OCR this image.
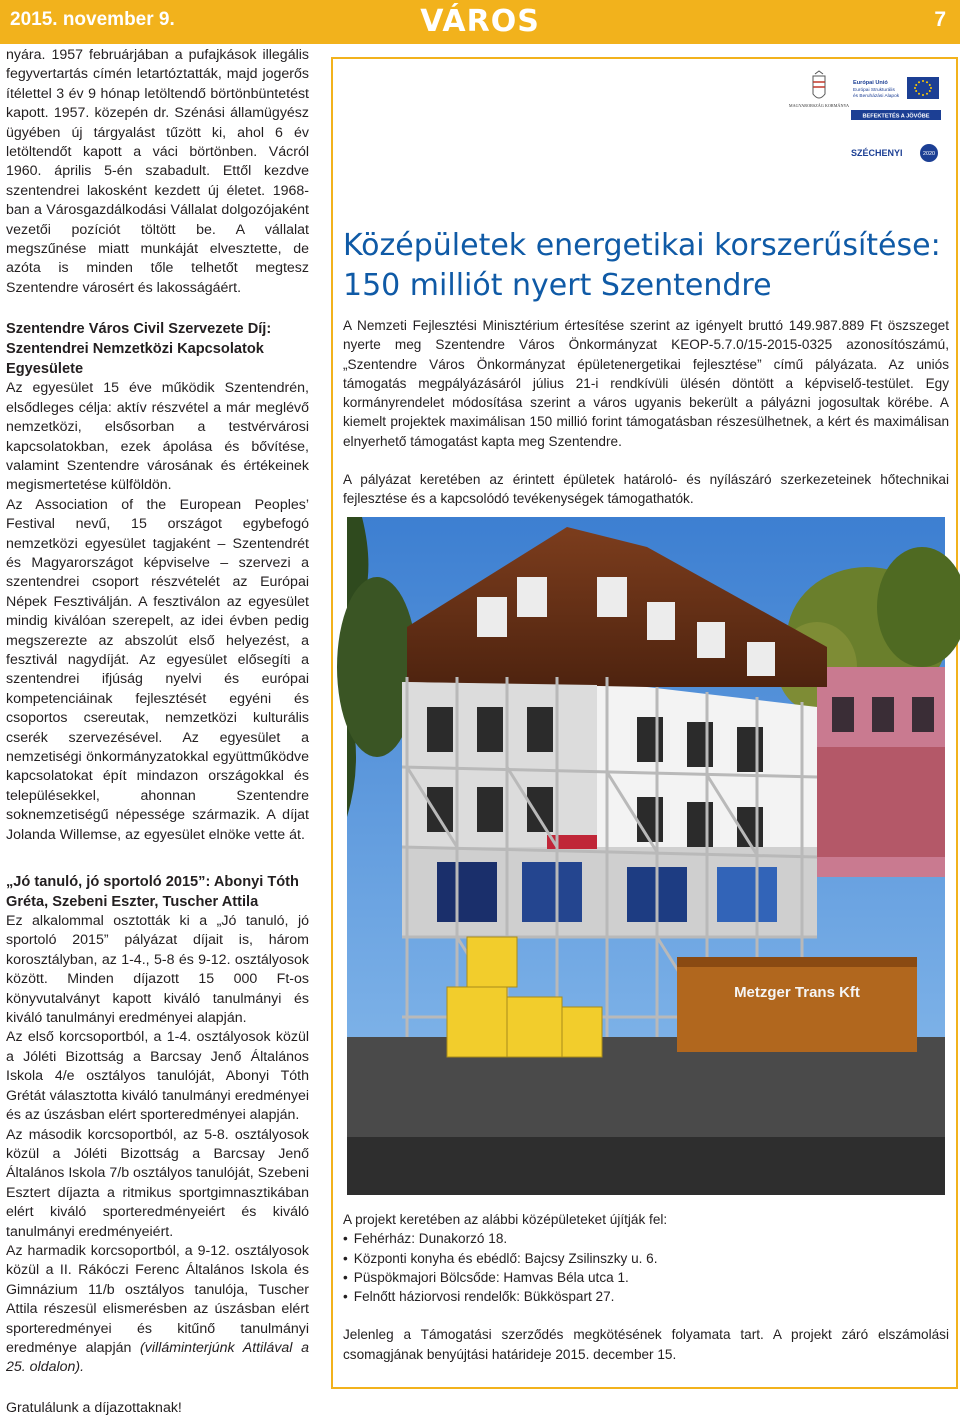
2015. november 9.	VÁROS	7

nyára. 1957 februárjában a pufajkások illegális fegyvertartás címén letartóztatták, majd jogerős ítélettel 3 év 9 hónap letöltendő börtönbüntetést kapott. 1957. közepén dr. Szénási államügyész ügyében új tárgyalást tűzött ki, ahol 6 év letöltendőt kapott a váci börtönben. Vácról 1960. április 5-én szabadult. Ettől kezdve szentendrei lakosként kezdett új életet. 1968-ban a Városgazdálkodási Vállalat dolgozójaként vezetői pozíciót töltött be. A vállalat megszűnése miatt munkáját elvesztette, de azóta is minden tőle telhetőt megtesz Szentendre városért és lakosságáért.

Szentendre Város Civil Szervezete Díj: Szentendrei Nemzetközi Kapcsolatok Egyesülete

Az egyesület 15 éve működik Szentendrén, elsődleges célja: aktív részvétel a már meglévő nemzetközi, elsősorban a testvérvárosi kapcsolatokban, ezek ápolása és bővítése, valamint Szentendre városának és értékeinek megismertetése külföldön.

Az Association of the European Peoples’ Festival nevű, 15 országot egybefogó nemzetközi egyesület tagjaként – Szentendrét és Magyarországot képviselve – szervezi a szentendrei csoport részvételét az Európai Népek Fesztiválján. A fesztiválon az egyesület mindig kiválóan szerepelt, az idei évben pedig megszerezte az abszolút első helyezést, a fesztivál nagydíját. Az egyesület elősegíti a szentendrei ifjúság nyelvi és európai kompetenciáinak fejlesztését egyéni és csoportos csereutak, nemzetközi kulturális cserék szervezésével. Az egyesület a nemzetiségi önkormányzatokkal együttműködve kapcsolatokat épít mindazon országokkal és településekkel, ahonnan Szentendre soknemzetiségű népessége származik. A díjat Jolanda Willemse, az egyesület elnöke vette át.

„Jó tanuló, jó sportoló 2015”: Abonyi Tóth Gréta, Szebeni Eszter, Tuscher Attila

Ez alkalommal osztották ki a „Jó tanuló, jó sportoló 2015” pályázat díjait is, három korosztályban, az 1-4., 5-8 és 9-12. osztályosok között. Minden díjazott 15 000 Ft-os könyvutalványt kapott kiváló tanulmányi és kiváló tanulmányi eredményei alapján.

Az első korcsoportból, a 1-4. osztályosok közül a Jóléti Bizottság a Barcsay Jenő Általános Iskola 4/e osztályos tanulóját, Abonyi Tóth Grétát választotta kiváló tanulmányi eredményei és az úszásban elért sporteredményei alapján.

Az második korcsoportból, az 5-8. osztályosok közül a Jóléti Bizottság a Barcsay Jenő Általános Iskola 7/b osztályos tanulóját, Szebeni Esztert díjazta a ritmikus sportgimnasztikában elért kiváló sporteredményeiért és kiváló tanulmányi eredményeiért.

Az harmadik korcsoportból, a 9-12. osztályosok közül a II. Rákóczi Ferenc Általános Iskola és Gimnázium 11/b osztályos tanulója, Tuscher Attila részesül elismerésben az úszásban elért sporteredményei és kitűnő tanulmányi eredménye alapján (villáminterjúnk Attilával a 25. oldalon).

Gratulálunk a díjazottaknak!

MAGYARORSZÁG KORMÁNYA
Európai Unió
Európai Strukturális
és Beruházási Alapok
BEFEKTETÉS A JÖVŐBE
SZÉCHENYI	2020
Középületek energetikai korszerűsítése:
150 milliót nyert Szentendre

A Nemzeti Fejlesztési Minisztérium értesítése szerint az igényelt bruttó 149.987.889 Ft öszszeget nyerte meg Szentendre Város Önkormányzat KEOP-5.7.0/15-2015-0325 azonosítószámú, „Szentendre Város Önkormányzat épületenergetikai fejlesztése” című pályázata. Az uniós támogatás megpályázásáról július 21-i rendkívüli ülésén döntött a képviselő-testület. Egy kormányrendelet módosítása szerint a város ugyanis bekerült a pályázni jogosultak körébe. A kiemelt projektek maximálisan 150 millió forint támogatásban részesülhetnek, a kért és maximálisan elnyerhető támogatást kapta meg Szentendre.

A pályázat keretében az érintett épületek határoló- és nyílászáró szerkezeteinek hőtechnikai fejlesztése és a kapcsolódó tevékenységek támogathatók.

Metzger Trans Kft

A projekt keretében az alábbi középületeket újítják fel:

• Fehérház: Dunakorzó 18.
• Központi konyha és ebédlő: Bajcsy Zsilinszky u. 6.
• Püspökmajori Bölcsőde: Hamvas Béla utca 1.
• Felnőtt háziorvosi rendelők: Bükköspart 27.

Jelenleg a Támogatási szerződés megkötésének folyamata tart. A projekt záró elszámolási csomagjának benyújtási határideje 2015. december 15.
